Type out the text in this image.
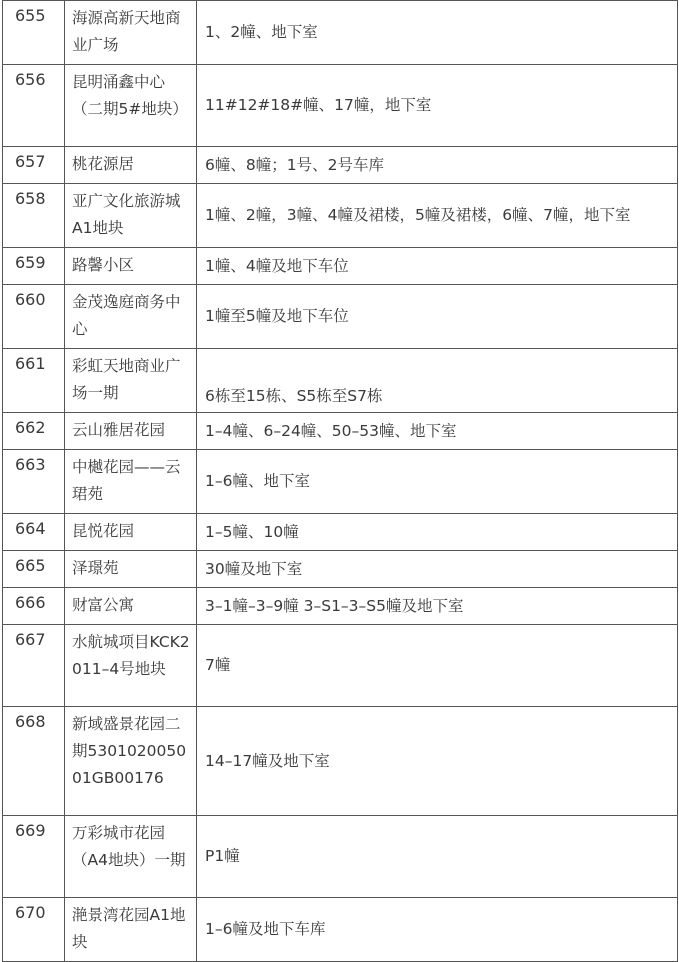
655	海源高新天地商业广场	1、2幢、地下室
656	昆明涌鑫中心（二期5#地块）	11#12#18#幢、17幢，地下室
657	桃花源居	6幢、8幢；1号、2号车库
658	亚广文化旅游城A1地块	1幢、2幢，3幢、4幢及裙楼，5幢及裙楼，6幢、7幢，地下室
659	路馨小区	1幢、4幢及地下车位
660	金茂逸庭商务中心	1幢至5幢及地下车位
661	彩虹天地商业广场一期	6栋至15栋、S5栋至S7栋
662	云山雅居花园	1–4幢、6–24幢、50–53幢、地下室
663	中樾花园——云珺苑	1–6幢、地下室
664	昆悦花园	1–5幢、10幢
665	泽璟苑	30幢及地下室
666	财富公寓	3–1幢–3–9幢 3–S1–3–S5幢及地下室
667	水航城项目KCK2011–4号地块	7幢
668	新域盛景花园二期530102005001GB00176	14–17幢及地下室
669	万彩城市花园（A4地块）一期	P1幢
670	滟景湾花园A1地块	1–6幢及地下车库
